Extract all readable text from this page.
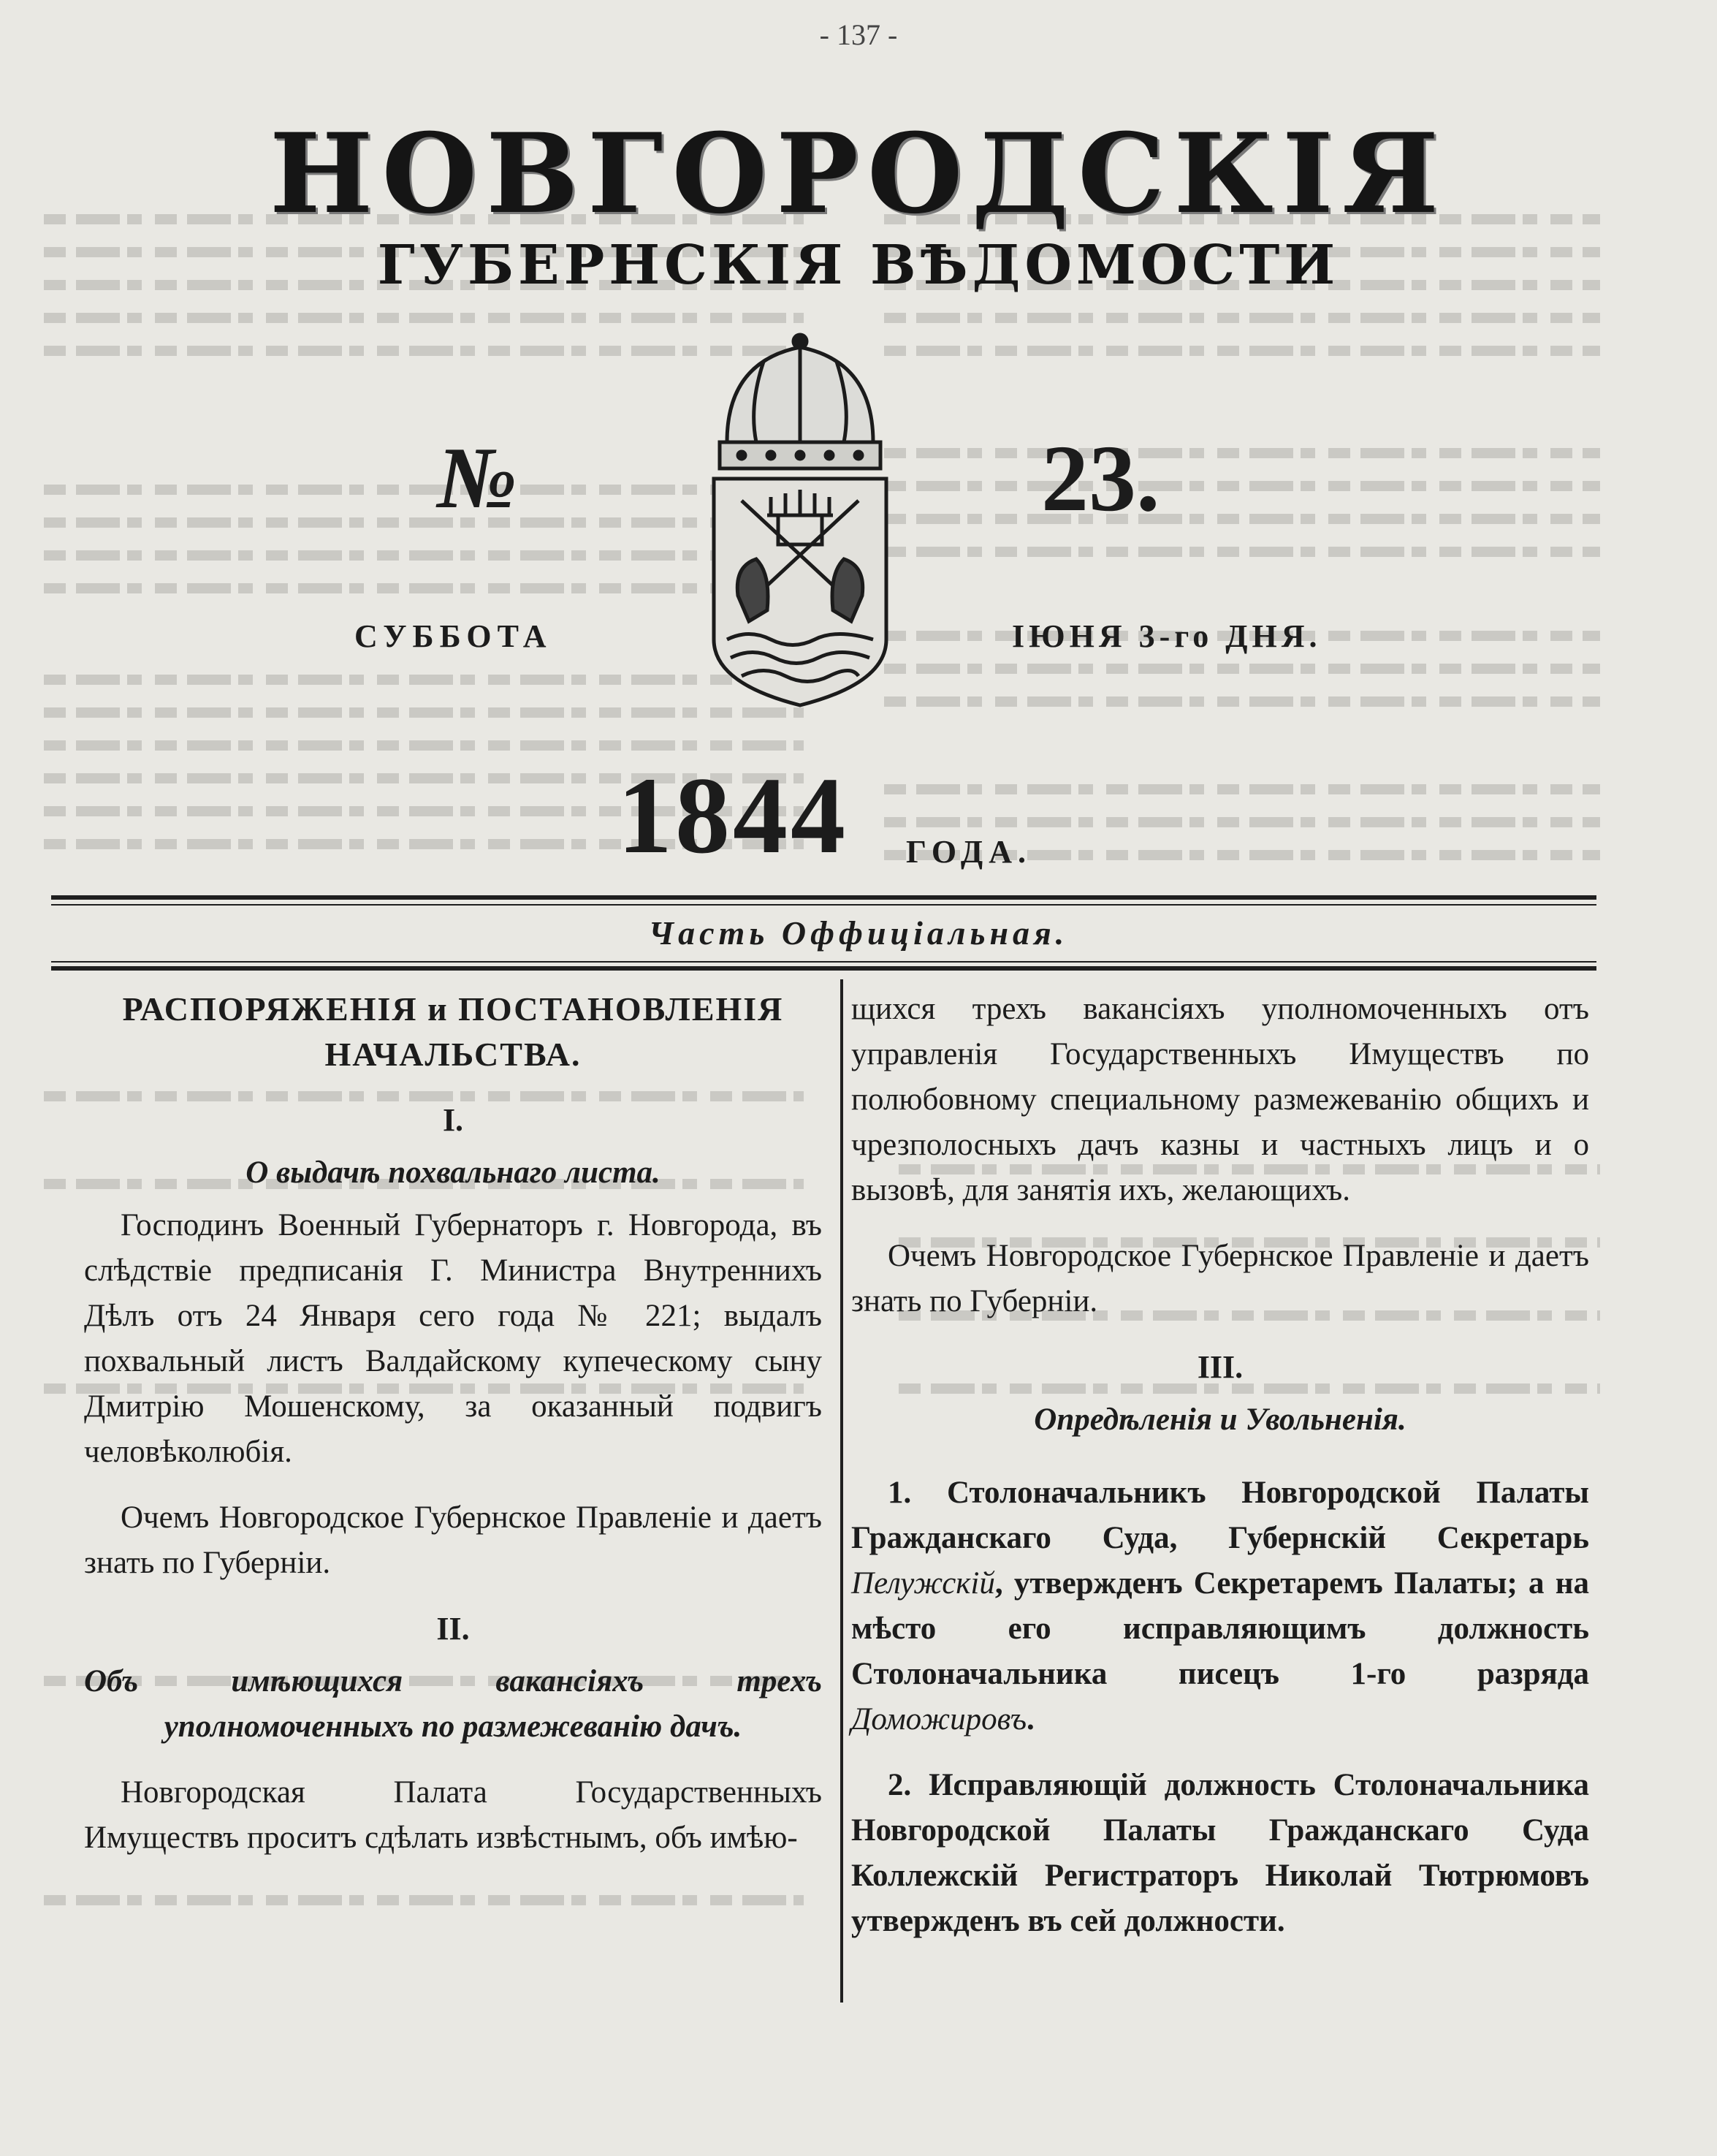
- 137 -
НОВГОРОДСКІЯ
ГУБЕРНСКІЯ ВѢДОМОСТИ
№	23.
СУББОТА	ІЮНЯ 3-го ДНЯ.
1844 ГОДА.
Часть Оффиціальная.

РАСПОРЯЖЕНІЯ и ПОСТАНОВЛЕНІЯ НАЧАЛЬСТВА.

I.

О выдачѣ похвальнаго листа.

Господинъ Военный Губернаторъ г. Новгорода, въ слѣдствіе предписанія Г. Министра Внутреннихъ Дѣлъ отъ 24 Января сего года № 221; выдалъ похвальный листъ Валдайскому купеческому сыну Дмитрію Мошенскому, за оказанный подвигъ человѣколюбія.

Очемъ Новгородское Губернское Правленіе и даетъ знать по Губерніи.

II.

Объ имѣющихся вакансіяхъ трехъ уполномоченныхъ по размежеванію дачъ.

Новгородская Палата Государственныхъ Имуществъ проситъ сдѣлать извѣстнымъ, объ имѣю-

щихся трехъ вакансіяхъ уполномоченныхъ отъ управленія Государственныхъ Имуществъ по полюбовному специальному размежеванію общихъ и чрезполосныхъ дачъ казны и частныхъ лицъ и о вызовѣ, для занятія ихъ, желающихъ.

Очемъ Новгородское Губернское Правленіе и даетъ знать по Губерніи.

III.

Опредѣленія и Увольненія.

1. Столоначальникъ Новгородской Палаты Гражданскаго Суда, Губернскій Секретарь Пелужскій, утвержденъ Секретаремъ Палаты; а на мѣсто его исправляющимъ должность Столоначальника писецъ 1-го разряда Доможировъ.

2. Исправляющій должность Столоначальника Новгородской Палаты Гражданскаго Суда Коллежскій Регистраторъ Николай Тютрюмовъ утвержденъ въ сей должности.
